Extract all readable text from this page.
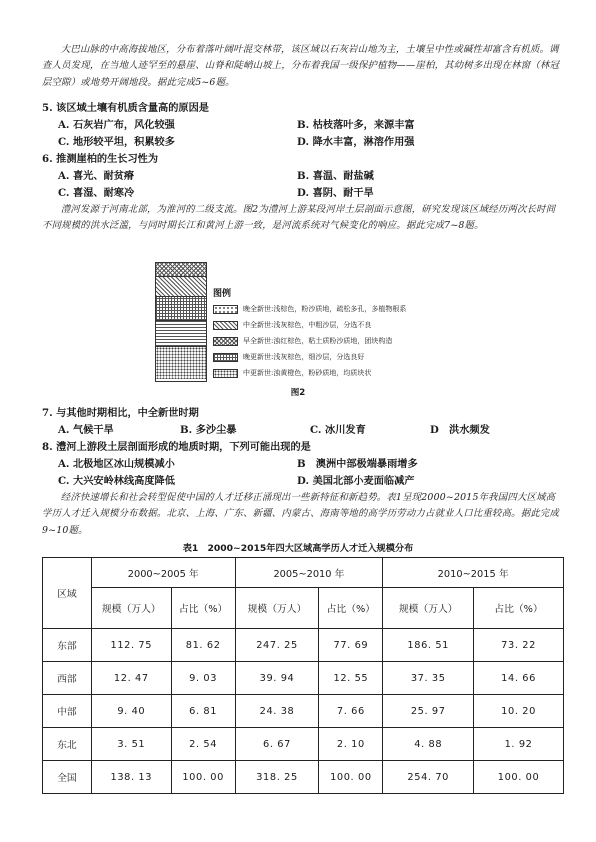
大巴山脉的中高海拔地区，分布着落叶阔叶混交林带，该区域以石灰岩山地为主，土壤呈中性或碱性却富含有机质。调查人员发现，在当地人迹罕至的悬崖、山脊和陡峭山坡上，分布着我国一级保护植物——崖柏，其幼树多出现在林窗（林冠层空隙）或地势开阔地段。据此完成5~6题。
5. 该区域土壤有机质含量高的原因是
A. 石灰岩广布，风化较强	B. 枯枝落叶多，来源丰富
C. 地形较平坦，积累较多	D. 降水丰富，淋溶作用强
6. 推测崖柏的生长习性为
A. 喜光、耐贫瘠	B. 喜温、耐盐碱
C. 喜湿、耐寒冷	D. 喜阴、耐干旱
澧河发源于河南北部，为淮河的二级支流。图2为澧河上游某段河岸土层剖面示意图，研究发现该区域经历两次长时间不同规模的洪水泛滥，与同时期长江和黄河上游一致，是河流系统对气候变化的响应。据此完成7~8题。
图例
晚全新世:浅棕色，粉沙质地，疏松多孔，多植物根系
中全新世:浅灰棕色，中粗沙层，分选不良
早全新世:浊红棕色，粘土质粉沙质地，团块构造
晚更新世:浅灰棕色，细沙层，分选良好
中更新世:浊黄橙色，粉砂质地，均质块状
图2
7. 与其他时期相比，中全新世时期
A. 气候干旱	B. 多沙尘暴	C. 冰川发育	D　洪水频发
8. 澧河上游段土层剖面形成的地质时期，下列可能出现的是
A. 北极地区冰山规模减小	B　澳洲中部极端暴雨增多
C. 大兴安岭林线高度降低	D. 美国北部小麦面临减产
经济快速增长和社会转型促使中国的人才迁移正涌现出一些新特征和新趋势。表1呈现2000~2015年我国四大区域高学历人才迁入规模分布数据。北京、上海、广东、新疆、内蒙古、海南等地的高学历劳动力占就业人口比重较高。据此完成9~10题。
表1　2000~2015年四大区域高学历人才迁入规模分布
区域	2000~2005 年		2005~2010 年		2010~2015 年	
	规模（万人）	占比（%）	规模（万人）	占比（%）	规模（万人）	占比（%）
东部	112. 75	81. 62	247. 25	77. 69	186. 51	73. 22
西部	12. 47	9. 03	39. 94	12. 55	37. 35	14. 66
中部	9. 40	6. 81	24. 38	7. 66	25. 97	10. 20
东北	3. 51	2. 54	6. 67	2. 10	4. 88	1. 92
全国	138. 13	100. 00	318. 25	100. 00	254. 70	100. 00
